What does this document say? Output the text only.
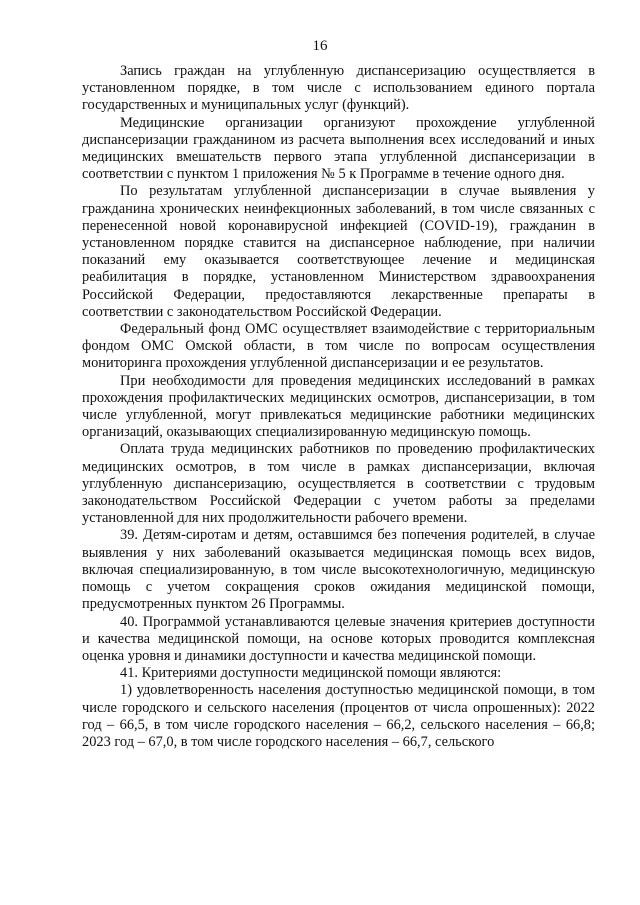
16

Запись граждан на углубленную диспансеризацию осуществляется в установленном порядке, в том числе с использованием единого портала государственных и муниципальных услуг (функций).

Медицинские организации организуют прохождение углубленной диспансеризации гражданином из расчета выполнения всех исследований и иных медицинских вмешательств первого этапа углубленной диспансеризации в соответствии с пунктом 1 приложения № 5 к Программе в течение одного дня.

По результатам углубленной диспансеризации в случае выявления у гражданина хронических неинфекционных заболеваний, в том числе связанных с перенесенной новой коронавирусной инфекцией (COVID-19), гражданин в установленном порядке ставится на диспансерное наблюдение, при наличии показаний ему оказывается соответствующее лечение и медицинская реабилитация в порядке, установленном Министерством здравоохранения Российской Федерации, предоставляются лекарственные препараты в соответствии с законодательством Российской Федерации.

Федеральный фонд ОМС осуществляет взаимодействие с территориальным фондом ОМС Омской области, в том числе по вопросам осуществления мониторинга прохождения углубленной диспансеризации и ее результатов.

При необходимости для проведения медицинских исследований в рамках прохождения профилактических медицинских осмотров, диспансеризации, в том числе углубленной, могут привлекаться медицинские работники медицинских организаций, оказывающих специализированную медицинскую помощь.

Оплата труда медицинских работников по проведению профилактических медицинских осмотров, в том числе в рамках диспансеризации, включая углубленную диспансеризацию, осуществляется в соответствии с трудовым законодательством Российской Федерации с учетом работы за пределами установленной для них продолжительности рабочего времени.

39. Детям-сиротам и детям, оставшимся без попечения родителей, в случае выявления у них заболеваний оказывается медицинская помощь всех видов, включая специализированную, в том числе высокотехнологичную, медицинскую помощь с учетом сокращения сроков ожидания медицинской помощи, предусмотренных пунктом 26 Программы.

40. Программой устанавливаются целевые значения критериев доступности и качества медицинской помощи, на основе которых проводится комплексная оценка уровня и динамики доступности и качества медицинской помощи.

41. Критериями доступности медицинской помощи являются:

1) удовлетворенность населения доступностью медицинской помощи, в том числе городского и сельского населения (процентов от числа опрошенных): 2022 год – 66,5, в том числе городского населения – 66,2, сельского населения – 66,8; 2023 год – 67,0, в том числе городского населения – 66,7, сельского
